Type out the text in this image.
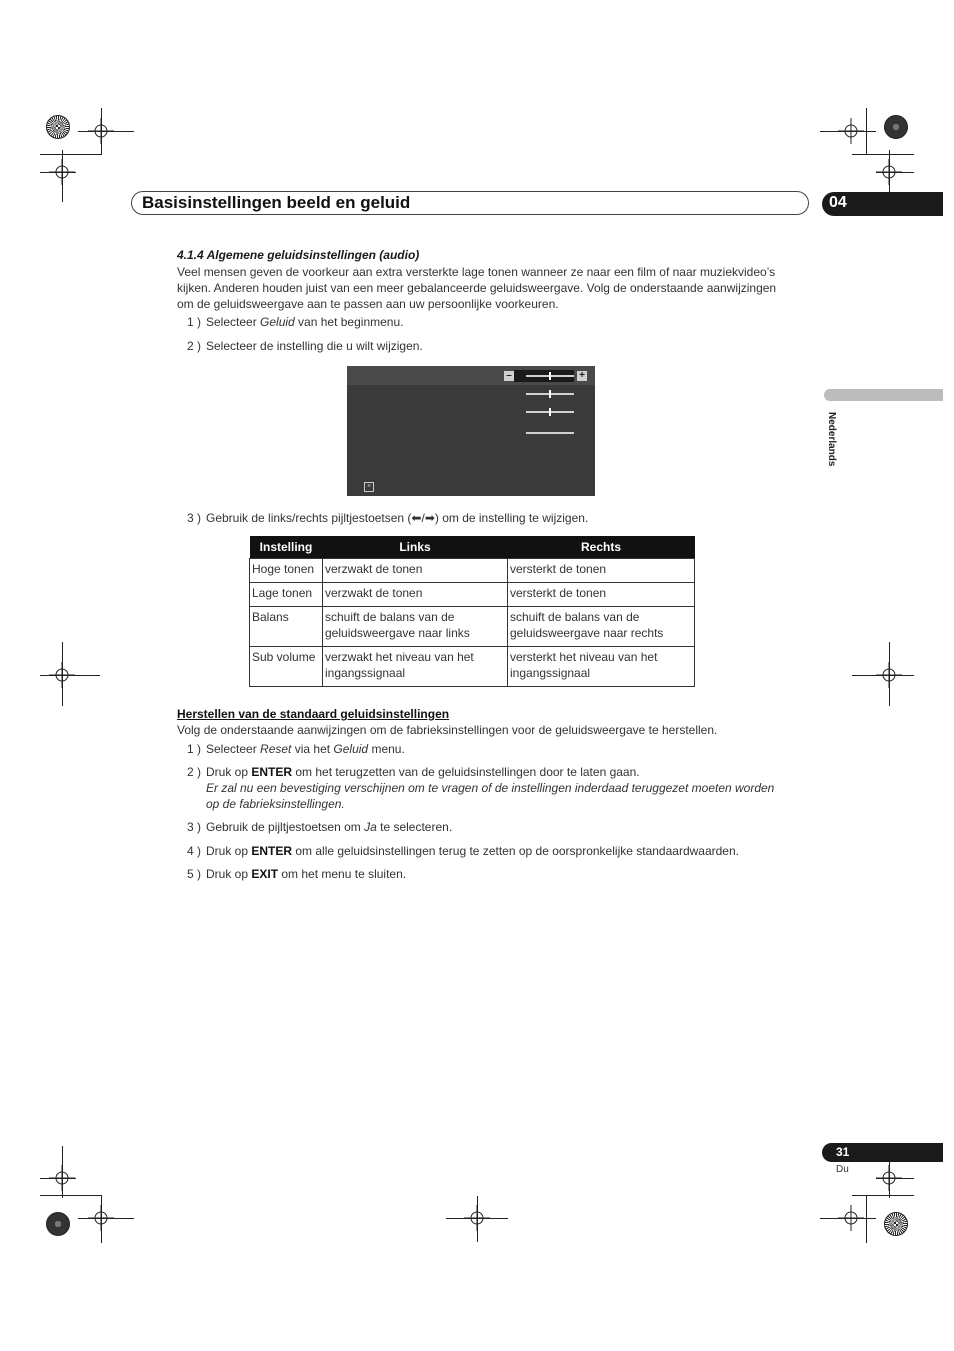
Basisinstellingen beeld en geluid	04
Nederlands
4.1.4 Algemene geluidsinstellingen (audio)
Veel mensen geven de voorkeur aan extra versterkte lage tonen wanneer ze naar een film of naar muziekvideo’s
kijken. Anderen houden juist van een meer gebalanceerde geluidsweergave. Volg de onderstaande aanwijzingen
om de geluidsweergave aan te passen aan uw persoonlijke voorkeuren.
1 ) Selecteer Geluid van het beginmenu.
2 ) Selecteer de instelling die u wilt wijzigen.
–	+
×
3 ) Gebruik de links/rechts pijltjestoetsen (⬅/➡) om de instelling te wijzigen.
Instelling	Links	Rechts
Hoge tonen	verzwakt de tonen	versterkt de tonen
Lage tonen	verzwakt de tonen	versterkt de tonen
Balans	schuift de balans van de geluidsweergave naar links	schuift de balans van de geluidsweergave naar rechts
Sub volume	verzwakt het niveau van het ingangssignaal	versterkt het niveau van het ingangssignaal
Herstellen van de standaard geluidsinstellingen
Volg de onderstaande aanwijzingen om de fabrieksinstellingen voor de geluidsweergave te herstellen.
1 ) Selecteer Reset via het Geluid menu.
2 ) Druk op ENTER om het terugzetten van de geluidsinstellingen door te laten gaan.
Er zal nu een bevestiging verschijnen om te vragen of de instellingen inderdaad teruggezet moeten worden
op de fabrieksinstellingen.
3 ) Gebruik de pijltjestoetsen om Ja te selecteren.
4 ) Druk op ENTER om alle geluidsinstellingen terug te zetten op de oorspronkelijke standaardwaarden.
5 ) Druk op EXIT om het menu te sluiten.
31
Du
